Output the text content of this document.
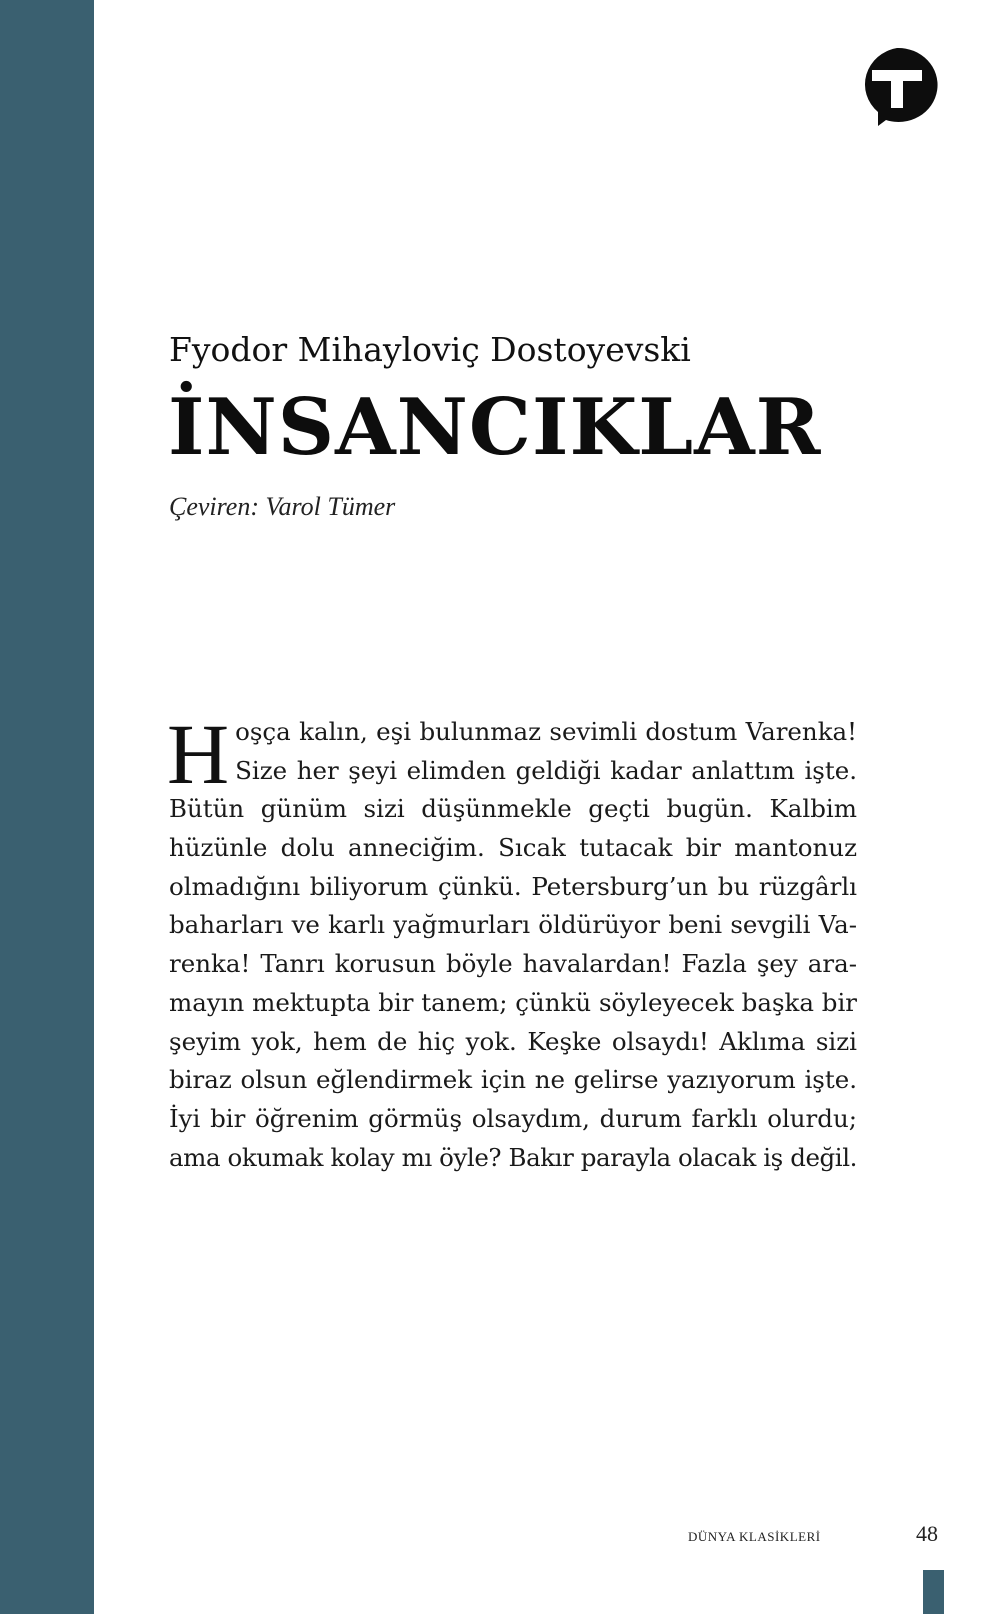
Fyodor Mihayloviç Dostoyevski
İNSANCIKLAR
Çeviren: Varol Tümer
H oşça kalın, eşi bulunmaz sevimli dostum Varenka!
Size her şeyi elimden geldiği kadar anlattım işte.
Bütün günüm sizi düşünmekle geçti bugün. Kalbim
hüzünle dolu anneciğim. Sıcak tutacak bir mantonuz
olmadığını biliyorum çünkü. Petersburg’un bu rüzgârlı
baharları ve karlı yağmurları öldürüyor beni sevgili Va-
renka! Tanrı korusun böyle havalardan! Fazla şey ara-
mayın mektupta bir tanem; çünkü söyleyecek başka bir
şeyim yok, hem de hiç yok. Keşke olsaydı! Aklıma sizi
biraz olsun eğlendirmek için ne gelirse yazıyorum işte.
İyi bir öğrenim görmüş olsaydım, durum farklı olurdu;
ama okumak kolay mı öyle? Bakır parayla olacak iş değil.
DÜNYA KLASİKLERİ	48
